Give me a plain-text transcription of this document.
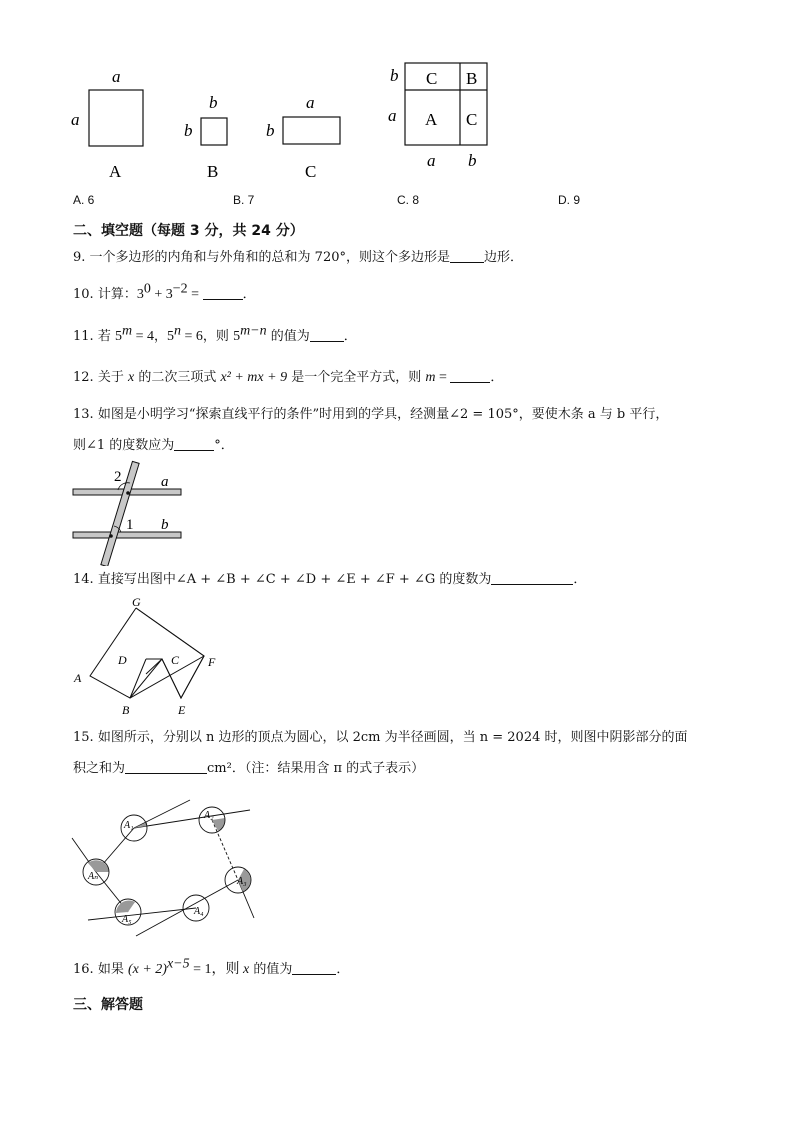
a
a
A
b
b
B
a
b
C
b
a
C B
A C
a b
A. 6	B. 7	C. 8	D. 9
二、填空题（每题 3 分，共 24 分）
9. 一个多边形的内角和与外角和的总和为 720°，则这个多边形是	边形．
10. 计算：$3^0 + 3^{-2}$ =	．
11. 若 $5^m = 4$，$5^n = 6$，则 $5^{m-n}$ 的值为	．
12. 关于 x 的二次三项式 x² + mx + 9 是一个完全平方式，则 m =	．
13. 如图是小明学习“探索直线平行的条件”时用到的学具，经测量∠2 = 105°，要使木条 a 与 b 平行，
则∠1 的度数应为	°．
2	a
1 b
14. 直接写出图中∠A + ∠B + ∠C + ∠D + ∠E + ∠F + ∠G 的度数为	．
G
A
D	C F
B	E
15. 如图所示，分别以 n 边形的顶点为圆心，以 2cm 为半径画圆，当 n = 2024 时，则图中阴影部分的面
积之和为	cm²．（注：结果用含 π 的式子表示）
A₁
A₂
Aₙ	A₃
A₅
A₄
16. 如果 $(x + 2)^{x-5} = 1$，则 x 的值为	．
三、解答题
